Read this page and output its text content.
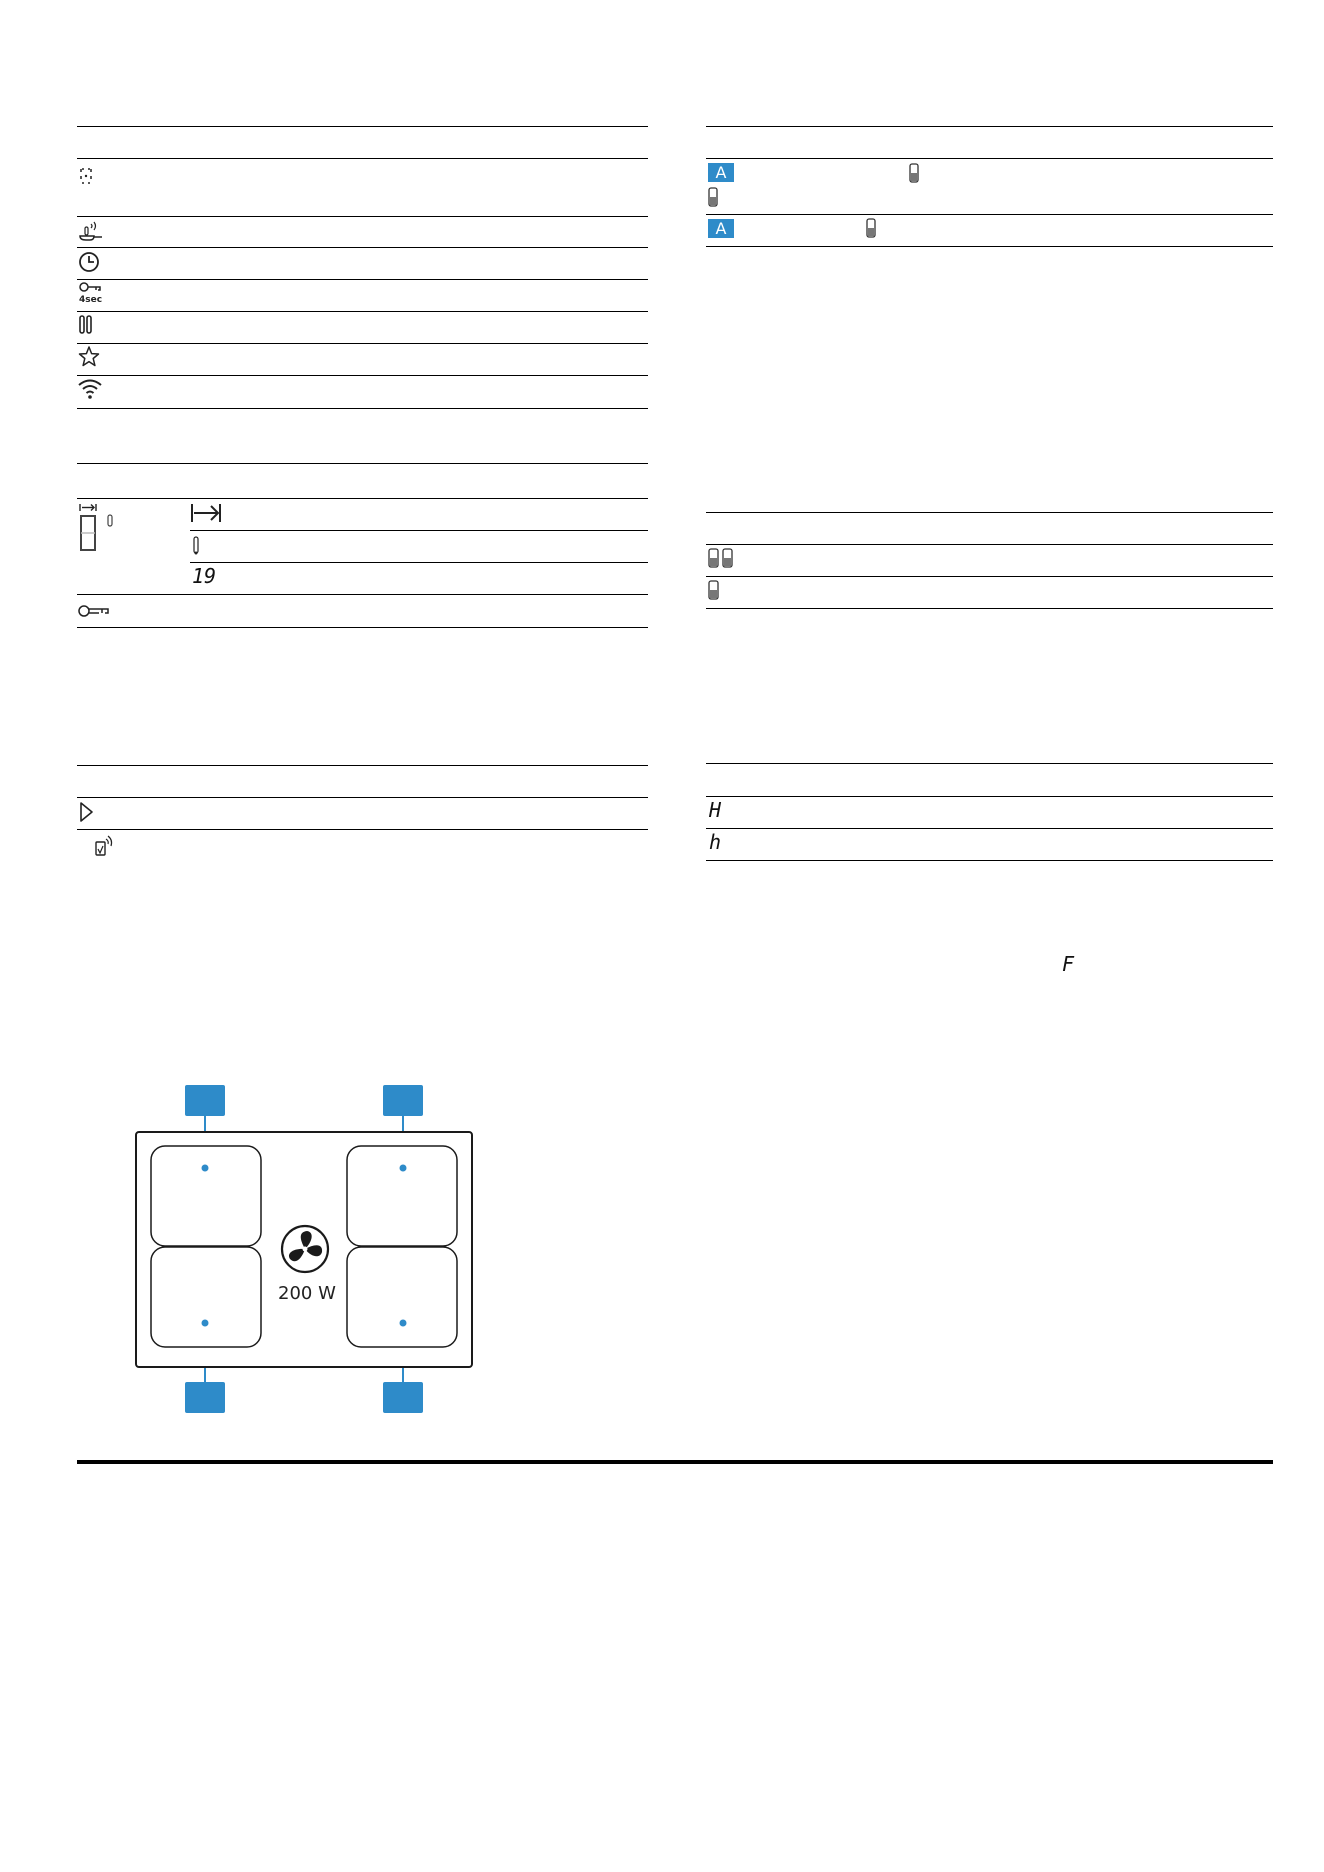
4sec
19
A
A
H
h
F
200 W
